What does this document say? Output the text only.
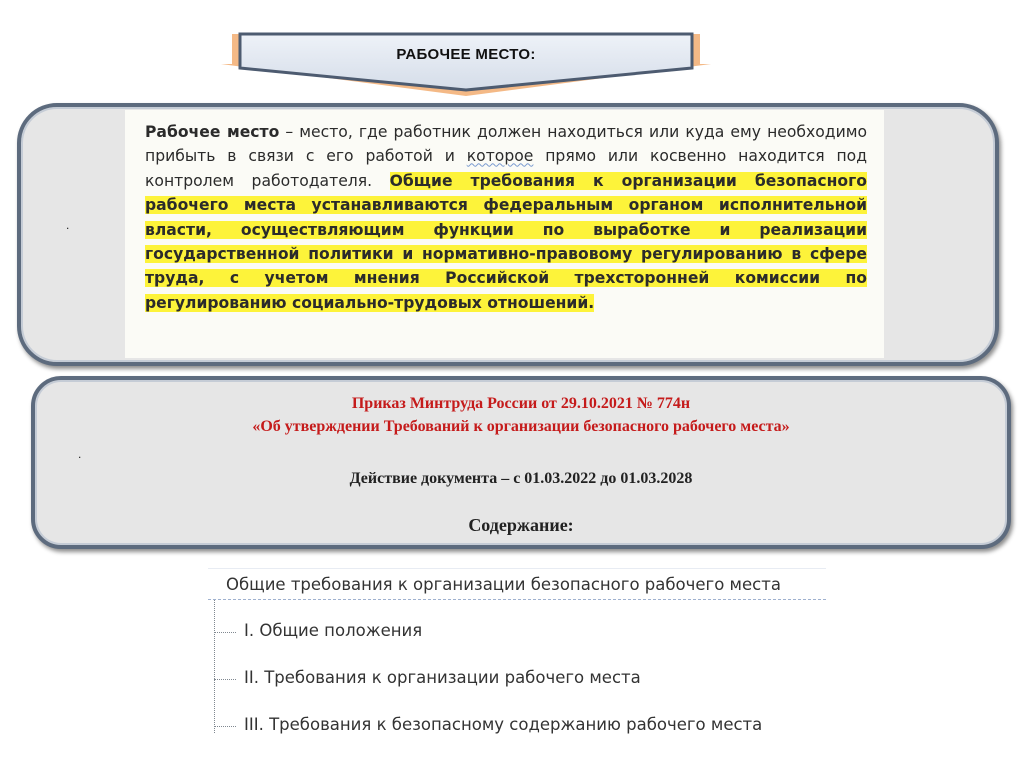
РАБОЧЕЕ МЕСТО:
.

Рабочее место – место, где работник должен находиться или куда ему необходимо прибыть в связи с его работой и которое прямо или косвенно находится под контролем работодателя. Общие требования к организации безопасного рабочего места устанавливаются федеральным органом исполнительной власти, осуществляющим функции по выработке и реализации государственной политики и нормативно-правовому регулированию в сфере труда, с учетом мнения Российской трехсторонней комиссии по регулированию социально-трудовых отношений.

.
Приказ Минтруда России от 29.10.2021 № 774н
«Об утверждении Требований к организации безопасного рабочего места»
Действие документа – с 01.03.2022 до 01.03.2028
Содержание:
Общие требования к организации безопасного рабочего места
I. Общие положения
II. Требования к организации рабочего места
III. Требования к безопасному содержанию рабочего места
